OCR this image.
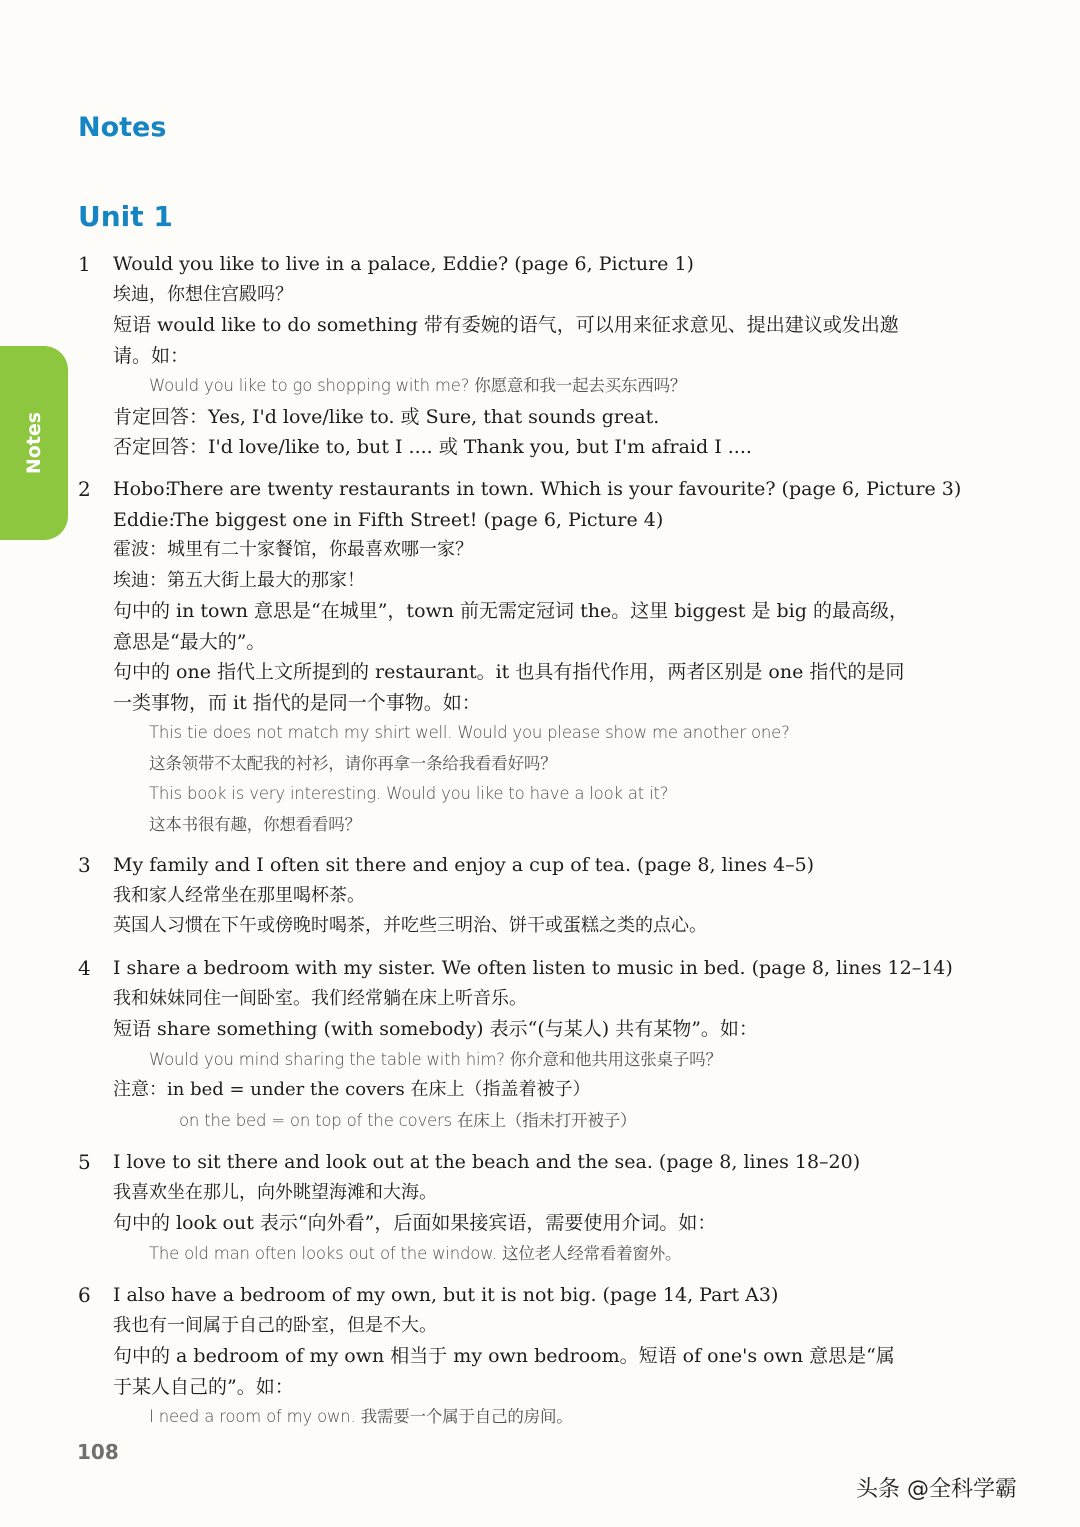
Notes
Notes
Unit 1
1	Would you like to live in a palace, Eddie? (page 6, Picture 1)
埃迪，你想住宫殿吗？
短语 would like to do something 带有委婉的语气，可以用来征求意见、提出建议或发出邀
请。如：
Would you like to go shopping with me? 你愿意和我一起去买东西吗？
肯定回答：Yes, I'd love/like to. 或 Sure, that sounds great.
否定回答：I'd love/like to, but I .... 或 Thank you, but I'm afraid I ....
2	Hobo:There are twenty restaurants in town. Which is your favourite? (page 6, Picture 3)
Eddie:The biggest one in Fifth Street! (page 6, Picture 4)
霍波：城里有二十家餐馆，你最喜欢哪一家？
埃迪：第五大街上最大的那家！
句中的 in town 意思是“在城里”，town 前无需定冠词 the。这里 biggest 是 big 的最高级，
意思是“最大的”。
句中的 one 指代上文所提到的 restaurant。it 也具有指代作用，两者区别是 one 指代的是同
一类事物，而 it 指代的是同一个事物。如：
This tie does not match my shirt well. Would you please show me another one?
这条领带不太配我的衬衫，请你再拿一条给我看看好吗？
This book is very interesting. Would you like to have a look at it?
这本书很有趣，你想看看吗？
3	My family and I often sit there and enjoy a cup of tea. (page 8, lines 4–5)
我和家人经常坐在那里喝杯茶。
英国人习惯在下午或傍晚时喝茶，并吃些三明治、饼干或蛋糕之类的点心。
4	I share a bedroom with my sister. We often listen to music in bed. (page 8, lines 12–14)
我和妹妹同住一间卧室。我们经常躺在床上听音乐。
短语 share something (with somebody) 表示“(与某人) 共有某物”。如：
Would you mind sharing the table with him? 你介意和他共用这张桌子吗？
注意：in bed = under the covers 在床上（指盖着被子）
on the bed = on top of the covers 在床上（指未打开被子）
5	I love to sit there and look out at the beach and the sea. (page 8, lines 18–20)
我喜欢坐在那儿，向外眺望海滩和大海。
句中的 look out 表示“向外看”，后面如果接宾语，需要使用介词。如：
The old man often looks out of the window. 这位老人经常看着窗外。
6	I also have a bedroom of my own, but it is not big. (page 14, Part A3)
我也有一间属于自己的卧室，但是不大。
句中的 a bedroom of my own 相当于 my own bedroom。短语 of one's own 意思是“属
于某人自己的”。如：
I need a room of my own. 我需要一个属于自己的房间。
108
头条 @全科学霸
